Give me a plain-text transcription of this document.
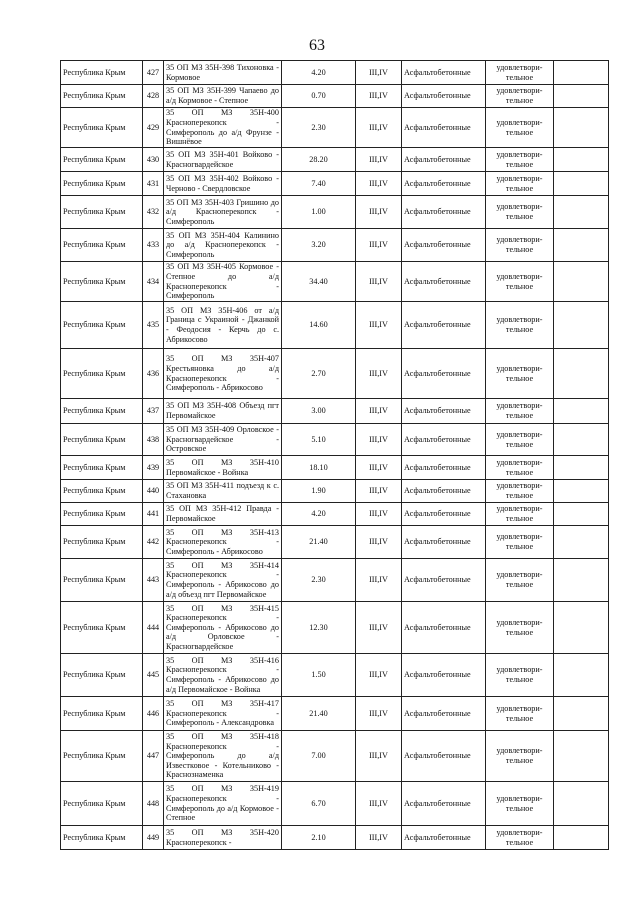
63
Республика Крым	427	35 ОП МЗ 35Н-398 Тихоновка - Кормовое	4.20	III,IV	Асфальтобетонные	удовлетвори-тельное	
Республика Крым	428	35 ОП МЗ 35Н-399 Чапаево до а/д Кормовое - Степное	0.70	III,IV	Асфальтобетонные	удовлетвори-тельное	
Республика Крым	429	35 ОП МЗ 35Н-400 Красноперекопск - Симферополь до а/д Фрунзе - Вишнёвое	2.30	III,IV	Асфальтобетонные	удовлетвори-тельное	
Республика Крым	430	35 ОП МЗ 35Н-401 Войково - Красногвардейское	28.20	III,IV	Асфальтобетонные	удовлетвори-тельное	
Республика Крым	431	35 ОП МЗ 35Н-402 Войково - Черново - Свердловское	7.40	III,IV	Асфальтобетонные	удовлетвори-тельное	
Республика Крым	432	35 ОП МЗ 35Н-403 Гришино до а/д Красноперекопск - Симферополь	1.00	III,IV	Асфальтобетонные	удовлетвори-тельное	
Республика Крым	433	35 ОП МЗ 35Н-404 Калинино до а/д Красноперекопск - Симферополь	3.20	III,IV	Асфальтобетонные	удовлетвори-тельное	
Республика Крым	434	35 ОП МЗ 35Н-405 Кормовое - Степное до а/д Красноперекопск - Симферополь	34.40	III,IV	Асфальтобетонные	удовлетвори-тельное	
Республика Крым	435	35 ОП МЗ 35Н-406 от а/д Граница с Украиной - Джанкой - Феодосия - Керчь до с. Абрикосово	14.60	III,IV	Асфальтобетонные	удовлетвори-тельное	
Республика Крым	436	35 ОП МЗ 35Н-407 Крестьяновка до а/д Красноперекопск - Симферополь - Абрикосово	2.70	III,IV	Асфальтобетонные	удовлетвори-тельное	
Республика Крым	437	35 ОП МЗ 35Н-408 Объезд пгт Первомайское	3.00	III,IV	Асфальтобетонные	удовлетвори-тельное	
Республика Крым	438	35 ОП МЗ 35Н-409 Орловское - Красногвардейское - Островское	5.10	III,IV	Асфальтобетонные	удовлетвори-тельное	
Республика Крым	439	35 ОП МЗ 35Н-410 Первомайское - Войнка	18.10	III,IV	Асфальтобетонные	удовлетвори-тельное	
Республика Крым	440	35 ОП МЗ 35Н-411 подъезд к с. Стахановка	1.90	III,IV	Асфальтобетонные	удовлетвори-тельное	
Республика Крым	441	35 ОП МЗ 35Н-412 Правда - Первомайское	4.20	III,IV	Асфальтобетонные	удовлетвори-тельное	
Республика Крым	442	35 ОП МЗ 35Н-413 Красноперекопск - Симферополь - Абрикосово	21.40	III,IV	Асфальтобетонные	удовлетвори-тельное	
Республика Крым	443	35 ОП МЗ 35Н-414 Красноперекопск - Симферополь - Абрикосово до а/д объезд пгт Первомайское	2.30	III,IV	Асфальтобетонные	удовлетвори-тельное	
Республика Крым	444	35 ОП МЗ 35Н-415 Красноперекопск - Симферополь - Абрикосово до а/д Орловское - Красногвардейское	12.30	III,IV	Асфальтобетонные	удовлетвори-тельное	
Республика Крым	445	35 ОП МЗ 35Н-416 Красноперекопск - Симферополь - Абрикосово до а/д Первомайское - Войнка	1.50	III,IV	Асфальтобетонные	удовлетвори-тельное	
Республика Крым	446	35 ОП МЗ 35Н-417 Красноперекопск - Симферополь - Александровка	21.40	III,IV	Асфальтобетонные	удовлетвори-тельное	
Республика Крым	447	35 ОП МЗ 35Н-418 Красноперекопск - Симферополь до а/д Известковое - Котельниково - Краснознаменка	7.00	III,IV	Асфальтобетонные	удовлетвори-тельное	
Республика Крым	448	35 ОП МЗ 35Н-419 Красноперекопск - Симферополь до а/д Кормовое - Степное	6.70	III,IV	Асфальтобетонные	удовлетвори-тельное	
Республика Крым	449	35 ОП МЗ 35Н-420 Красноперекопск -	2.10	III,IV	Асфальтобетонные	удовлетвори-тельное	
